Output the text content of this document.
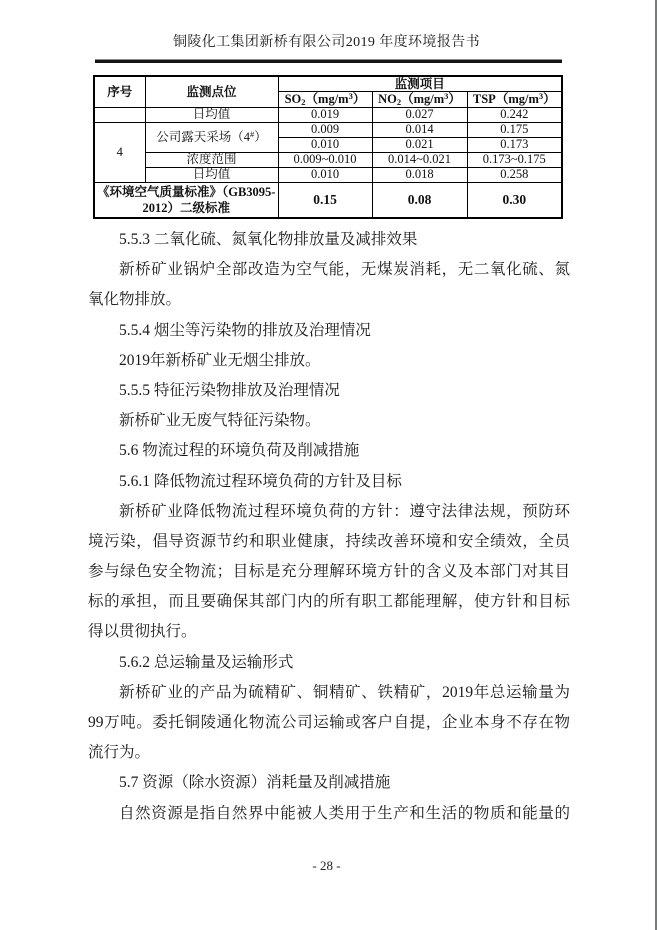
铜陵化工集团新桥有限公司2019 年度环境报告书
序号	监测点位	监测项目		
		$SO_2(mg/m^3)$	$NO_2(mg/m^3)$	$TSP(mg/m^3)$
	日均值	0.019	0.027	0.242
4	公司露天采场（4#）	0.009	0.014	0.175
		0.010	0.021	0.173
	浓度范围	0.009~0.010	0.014~0.021	0.173~0.175
	日均值	0.010	0.018	0.258
《环境空气质量标准》（GB3095-2012）二级标准		0.15	0.08	0.30
5.5.3 二氧化硫、氮氧化物排放量及减排效果
新桥矿业锅炉全部改造为空气能，无煤炭消耗，无二氧化硫、氮
氧化物排放。
5.5.4 烟尘等污染物的排放及治理情况
2019年新桥矿业无烟尘排放。
5.5.5 特征污染物排放及治理情况
新桥矿业无废气特征污染物。
5.6 物流过程的环境负荷及削减措施
5.6.1 降低物流过程环境负荷的方针及目标
新桥矿业降低物流过程环境负荷的方针：遵守法律法规，预防环
境污染，倡导资源节约和职业健康，持续改善环境和安全绩效，全员
参与绿色安全物流；目标是充分理解环境方针的含义及本部门对其目
标的承担，而且要确保其部门内的所有职工都能理解，使方针和目标
得以贯彻执行。
5.6.2 总运输量及运输形式
新桥矿业的产品为硫精矿、铜精矿、铁精矿，2019年总运输量为
99万吨。委托铜陵通化物流公司运输或客户自提，企业本身不存在物
流行为。
5.7 资源（除水资源）消耗量及削减措施
自然资源是指自然界中能被人类用于生产和生活的物质和能量的
- 28 -
